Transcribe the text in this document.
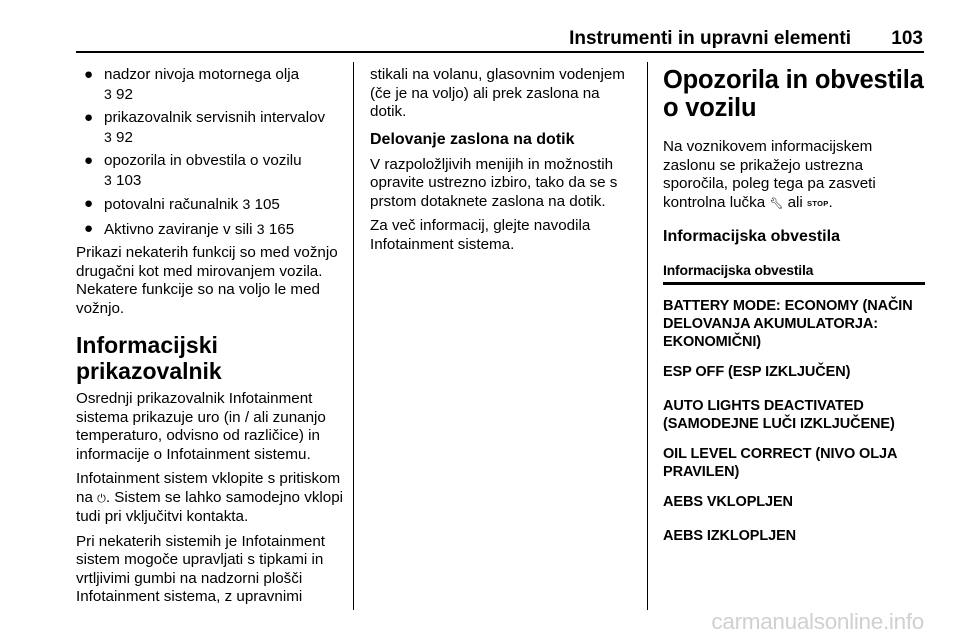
Instrumenti in upravni elementi 103
● nadzor nivoja motornega olja
3 92
● prikazovalnik servisnih intervalov
3 92
● opozorila in obvestila o vozilu
3 103
● potovalni računalnik 3 105
● Aktivno zaviranje v sili 3 165

Prikazi nekaterih funkcij so med vožnjo drugačni kot med mirovanjem vozila. Nekatere funkcije so na voljo le med vožnjo.

Informacijski prikazovalnik

Osrednji prikazovalnik Infotainment sistema prikazuje uro (in / ali zunanjo temperaturo, odvisno od različice) in informacije o Infotainment sistemu.

Infotainment sistem vklopite s pritiskom na ⏻. Sistem se lahko samodejno vklopi tudi pri vključitvi kontakta.

Pri nekaterih sistemih je Infotainment sistem mogoče upravljati s tipkami in vrtljivimi gumbi na nadzorni plošči Infotainment sistema, z upravnimi

stikali na volanu, glasovnim vodenjem (če je na voljo) ali prek zaslona na dotik.

Delovanje zaslona na dotik

V razpoložljivih menijih in možnostih opravite ustrezno izbiro, tako da se s prstom dotaknete zaslona na dotik.

Za več informacij, glejte navodila Infotainment sistema.

Opozorila in obvestila o vozilu

Na voznikovem informacijskem zaslonu se prikažejo ustrezna sporočila, poleg tega pa zasveti kontrolna lučka 🔧︎ ali STOP.

Informacijska obvestila
Informacijska obvestila
BATTERY MODE: ECONOMY (NAČIN DELOVANJA AKUMULATORJA: EKONOMIČNI)
ESP OFF (ESP IZKLJUČEN)
AUTO LIGHTS DEACTIVATED (SAMODEJNE LUČI IZKLJUČENE)
OIL LEVEL CORRECT (NIVO OLJA PRAVILEN)
AEBS VKLOPLJEN
AEBS IZKLOPLJEN
carmanualsonline.info
